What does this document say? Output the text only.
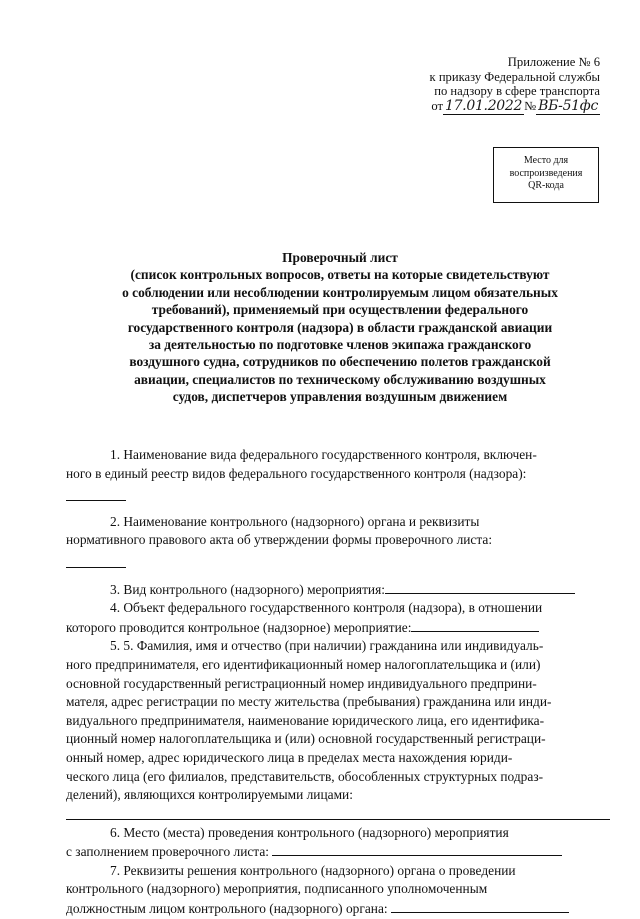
Приложение № 6
к приказу Федеральной службы
по надзору в сфере транспорта
от 17.01.2022 № ВБ-51фс
Место для
воспроизведения
QR-кода
Проверочный лист
(список контрольных вопросов, ответы на которые свидетельствуют
о соблюдении или несоблюдении контролируемым лицом обязательных
требований), применяемый при осуществлении федерального
государственного контроля (надзора) в области гражданской авиации
за деятельностью по подготовке членов экипажа гражданского
воздушного судна, сотрудников по обеспечению полетов гражданской
авиации, специалистов по техническому обслуживанию воздушных
судов, диспетчеров управления воздушным движением
1. Наименование вида федерального государственного контроля, включен-
ного в единый реестр видов федерального государственного контроля (надзора):
2. Наименование контрольного (надзорного) органа и реквизиты
нормативного правового акта об утверждении формы проверочного листа:
3. Вид контрольного (надзорного) мероприятия:
4. Объект федерального государственного контроля (надзора), в отношении
которого проводится контрольное (надзорное) мероприятие:
5. 5. Фамилия, имя и отчество (при наличии) гражданина или индивидуаль-
ного предпринимателя, его идентификационный номер налогоплательщика и (или)
основной государственный регистрационный номер индивидуального предприни-
мателя, адрес регистрации по месту жительства (пребывания) гражданина или инди-
видуального предпринимателя, наименование юридического лица, его идентифика-
ционный номер налогоплательщика и (или) основной государственный регистраци-
онный номер, адрес юридического лица в пределах места нахождения юриди-
ческого лица (его филиалов, представительств, обособленных структурных подраз-
делений), являющихся контролируемыми лицами:
6. Место (места) проведения контрольного (надзорного) мероприятия
с заполнением проверочного листа:
7. Реквизиты решения контрольного (надзорного) органа о проведении
контрольного (надзорного) мероприятия, подписанного уполномоченным
должностным лицом контрольного (надзорного) органа:
